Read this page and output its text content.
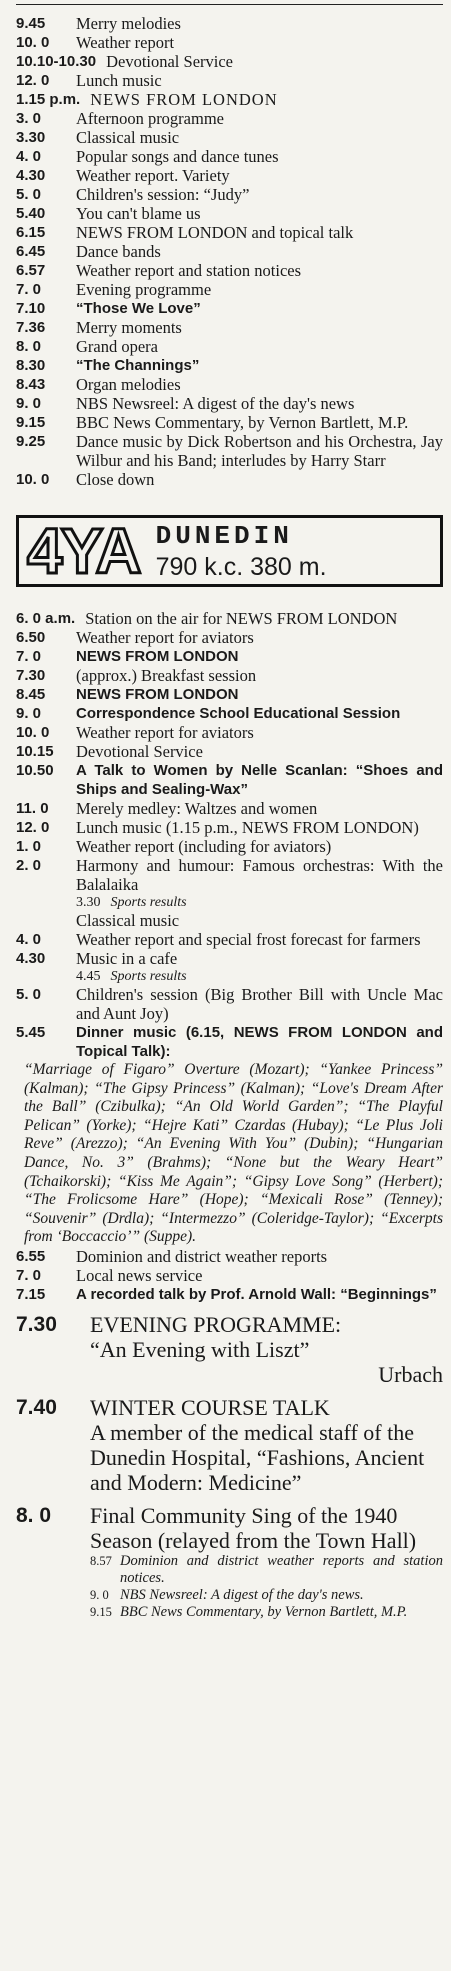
9.45	Merry melodies
10. 0	Weather report
10.10-10.30 Devotional Service
12. 0	Lunch music
1.15 p.m. NEWS FROM LONDON
3. 0	Afternoon programme
3.30	Classical music
4. 0	Popular songs and dance tunes
4.30	Weather report. Variety
5. 0	Children's session: “Judy”
5.40	You can't blame us
6.15	NEWS FROM LONDON and topical talk
6.45	Dance bands
6.57	Weather report and station notices
7. 0	Evening programme
7.10	“Those We Love”
7.36	Merry moments
8. 0	Grand opera
8.30	“The Channings”
8.43	Organ melodies
9. 0	NBS Newsreel: A digest of the day's news
9.15	BBC News Commentary, by Vernon Bartlett, M.P.
9.25	Dance music by Dick Robertson and his Orchestra, Jay Wilbur and his Band; interludes by Harry Starr
10. 0	Close down
4YA DUNEDIN
790 k.c. 380 m.
6. 0 a.m. Station on the air for NEWS FROM LONDON
6.50	Weather report for aviators
7. 0	NEWS FROM LONDON
7.30	(approx.) Breakfast session
8.45	NEWS FROM LONDON
9. 0	Correspondence School Educational Session
10. 0	Weather report for aviators
10.15	Devotional Service
10.50	A Talk to Women by Nelle Scanlan: “Shoes and Ships and Sealing-Wax”
11. 0	Merely medley: Waltzes and women
12. 0	Lunch music (1.15 p.m., NEWS FROM LONDON)
1. 0	Weather report (including for aviators)
2. 0	Harmony and humour: Famous orchestras: With the Balalaika
3.30 Sports results
Classical music
4. 0	Weather report and special frost forecast for farmers
4.30	Music in a cafe
4.45 Sports results
5. 0	Children's session (Big Brother Bill with Uncle Mac and Aunt Joy)
5.45	Dinner music (6.15, NEWS FROM LONDON and Topical Talk):
“Marriage of Figaro” Overture (Mozart); “Yankee Princess” (Kalman); “The Gipsy Princess” (Kalman); “Love's Dream After the Ball” (Czibulka); “An Old World Garden”; “The Playful Pelican” (Yorke); “Hejre Kati” Czardas (Hubay); “Le Plus Joli Reve” (Arezzo); “An Evening With You” (Dubin); “Hungarian Dance, No. 3” (Brahms); “None but the Weary Heart” (Tchaikorski); “Kiss Me Again”; “Gipsy Love Song” (Herbert); “The Frolicsome Hare” (Hope); “Mexicali Rose” (Tenney); “Souvenir” (Drdla); “Intermezzo” (Coleridge-Taylor); “Excerpts from ‘Boccaccio’” (Suppe).
6.55	Dominion and district weather reports
7. 0	Local news service
7.15	A recorded talk by Prof. Arnold Wall: “Beginnings”
7.30	EVENING PROGRAMME:
“An Evening with Liszt”
Urbach
7.40	WINTER COURSE TALK
A member of the medical staff of the Dunedin Hospital, “Fashions, Ancient and Modern: Medicine”
8. 0	Final Community Sing of the 1940 Season (relayed from the Town Hall)
8.57 Dominion and district weather reports and station notices.
9. 0 NBS Newsreel: A digest of the day's news.
9.15 BBC News Commentary, by Vernon Bartlett, M.P.
